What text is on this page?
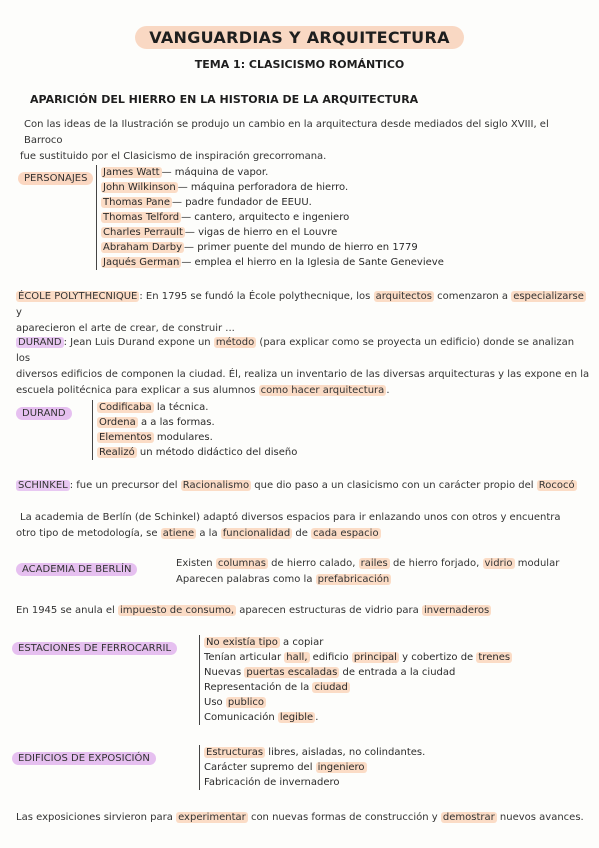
VANGUARDIAS Y ARQUITECTURA
TEMA 1: CLASICISMO ROMÁNTICO
APARICIÓN DEL HIERRO EN LA HISTORIA DE LA ARQUITECTURA
Con las ideas de la Ilustración se produjo un cambio en la arquitectura desde mediados del siglo XVIII, el Barroco
fue sustituido por el Clasicismo de inspiración grecorromana.
PERSONAJES
James Watt — máquina de vapor.
John Wilkinson — máquina perforadora de hierro.
Thomas Pane — padre fundador de EEUU.
Thomas Telford — cantero, arquitecto e ingeniero
Charles Perrault — vigas de hierro en el Louvre
Abraham Darby — primer puente del mundo de hierro en 1779
Jaqués German — emplea el hierro en la Iglesia de Sante Genevieve
ÉCOLE POLYTHECNIQUE : En 1795 se fundó la École polythecnique, los arquitectos comenzaron a especializarse y
aparecieron el arte de crear, de construir ...
DURAND : Jean Luis Durand expone un método (para explicar como se proyecta un edificio) donde se analizan los
diversos edificios de componen la ciudad. Él, realiza un inventario de las diversas arquitecturas y las expone en la
escuela politécnica para explicar a sus alumnos como hacer arquitectura .
DURAND
Codificaba la técnica.
Ordena a a las formas.
Elementos modulares.
Realizó un método didáctico del diseño
SCHINKEL : fue un precursor del Racionalismo que dio paso a un clasicismo con un carácter propio del Rococó
La academia de Berlín (de Schinkel) adaptó diversos espacios para ir enlazando unos con otros y encuentra
otro tipo de metodología, se atiene a la funcionalidad de cada espacio
ACADEMIA DE BERLÍN
Existen columnas de hierro calado, railes de hierro forjado, vidrio modular
Aparecen palabras como la prefabricación
En 1945 se anula el impuesto de consumo, aparecen estructuras de vidrio para invernaderos
ESTACIONES DE FERROCARRIL
No existía tipo a copiar
Tenían articular hall, edificio principal y cobertizo de trenes
Nuevas puertas escaladas de entrada a la ciudad
Representación de la ciudad
Uso publico
Comunicación legible .
EDIFICIOS DE EXPOSICIÓN
Estructuras libres, aisladas, no colindantes.
Carácter supremo del ingeniero
Fabricación de invernadero
Las exposiciones sirvieron para experimentar con nuevas formas de construcción y demostrar nuevos avances.
